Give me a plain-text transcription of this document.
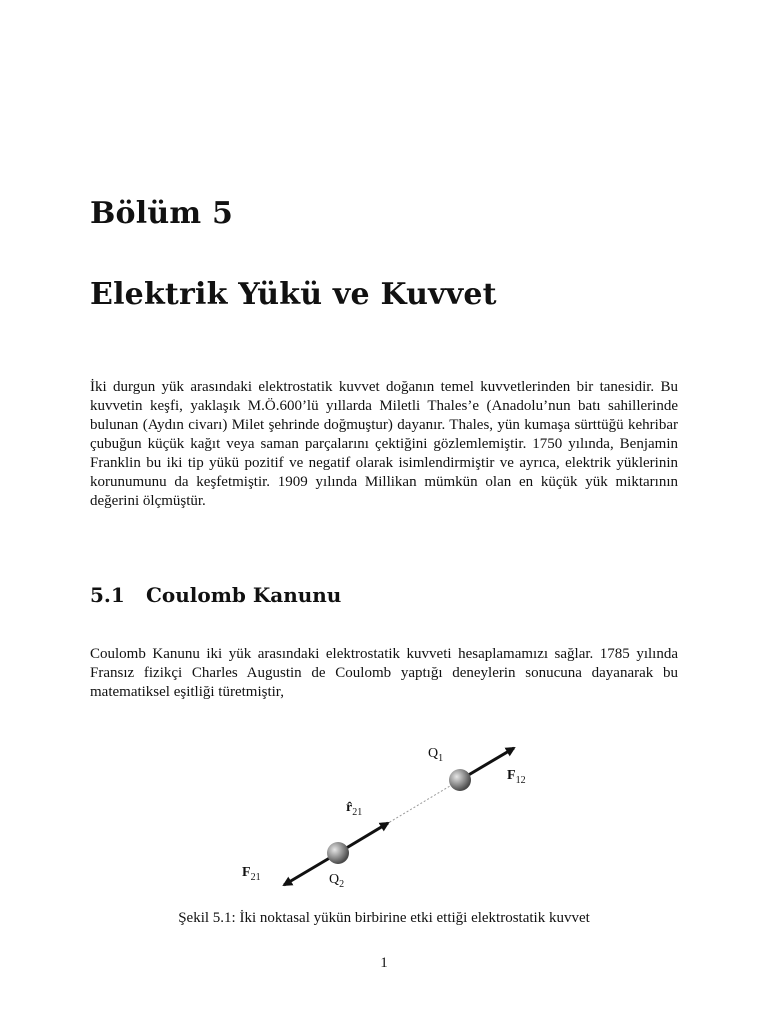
Bölüm 5
Elektrik Yükü ve Kuvvet

İki durgun yük arasındaki elektrostatik kuvvet doğanın temel kuvvetlerinden bir tanesidir. Bu kuvvetin keşfi, yaklaşık M.Ö.600’lü yıllarda Miletli Thales’e (Anadolu’nun batı sahillerinde bulunan (Aydın civarı) Milet şehrinde doğmuştur) dayanır. Thales, yün kumaşa sürttüğü kehribar çubuğun küçük kağıt veya saman parçalarını çektiğini gözlemlemiştir. 1750 yılında, Benjamin Franklin bu iki tip yükü pozitif ve negatif olarak isimlendirmiştir ve ayrıca, elektrik yüklerinin korunumunu da keşfetmiştir. 1909 yılında Millikan mümkün olan en küçük yük miktarının değerini ölçmüştür.

5.1 Coulomb Kanunu

Coulomb Kanunu iki yük arasındaki elektrostatik kuvveti hesaplamamızı sağlar. 1785 yılında Fransız fizikçi Charles Augustin de Coulomb yaptığı deneylerin sonucuna dayanarak bu matematiksel eşitliği türetmiştir,

$Q_1$
$F_{12}$
$r̂_{21}$
$F_{21}$	$Q_2$

Şekil 5.1: İki noktasal yükün birbirine etki ettiği elektrostatik kuvvet

1
